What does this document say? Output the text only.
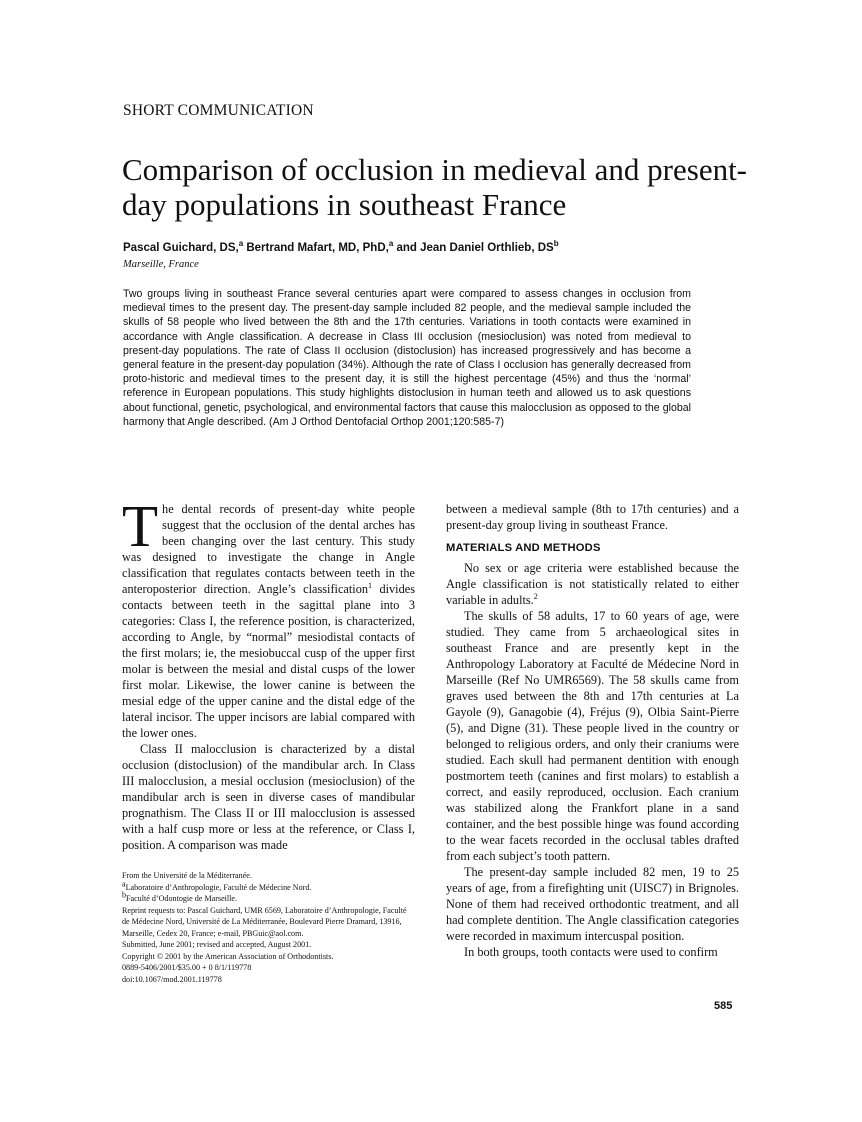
SHORT COMMUNICATION
Comparison of occlusion in medieval and present-day populations in southeast France
Pascal Guichard, DS,$^a$ Bertrand Mafart, MD, PhD,$^a$ and Jean Daniel Orthlieb, $DS^b$
Marseille, France
Two groups living in southeast France several centuries apart were compared to assess changes in occlusion from medieval times to the present day. The present-day sample included 82 people, and the medieval sample included the skulls of 58 people who lived between the 8th and the 17th centuries. Variations in tooth contacts were examined in accordance with Angle classification. A decrease in Class III occlusion (mesioclusion) was noted from medieval to present-day populations. The rate of Class II occlusion (distoclusion) has increased progressively and has become a general feature in the present-day population (34%). Although the rate of Class I occlusion has generally decreased from proto-historic and medieval times to the present day, it is still the highest percentage (45%) and thus the ‘normal’ reference in European populations. This study highlights distoclusion in human teeth and allowed us to ask questions about functional, genetic, psychological, and environmental factors that cause this malocclusion as opposed to the global harmony that Angle described. (Am J Orthod Dentofacial Orthop 2001;120:585-7)

The dental records of present-day white people suggest that the occlusion of the dental arches has been changing over the last century. This study was designed to investigate the change in Angle classification that regulates contacts between teeth in the anteroposterior direction. Angle’s classification$^1$ divides contacts between teeth in the sagittal plane into 3 categories: Class I, the reference position, is characterized, according to Angle, by “normal” mesiodistal contacts of the first molars; ie, the mesiobuccal cusp of the upper first molar is between the mesial and distal cusps of the lower first molar. Likewise, the lower canine is between the mesial edge of the upper canine and the distal edge of the lateral incisor. The upper incisors are labial compared with the lower ones.

Class II malocclusion is characterized by a distal occlusion (distoclusion) of the mandibular arch. In Class III malocclusion, a mesial occlusion (mesioclusion) of the mandibular arch is seen in diverse cases of mandibular prognathism. The Class II or III malocclusion is assessed with a half cusp more or less at the reference, or Class I, position. A comparison was made

From the Université de la Méditerranée.
$^a$Laboratoire d’Anthropologie, Faculté de Médecine Nord.
$^b$Faculté d’Odontogie de Marseille.
Reprint requests to: Pascal Guichard, UMR 6569, Laboratoire d’Anthropologie, Faculté de Médecine Nord, Université de La Méditerranée, Boulevard Pierre Dramard, 13916, Marseille, Cedex 20, France; e-mail, PBGuic@aol.com.
Submitted, June 2001; revised and accepted, August 2001.
Copyright © 2001 by the American Association of Orthodontists.
0889-5406/2001/$35.00 + 0 8/1/119778
doi:10.1067/mod.2001.119778

between a medieval sample (8th to 17th centuries) and a present-day group living in southeast France.

MATERIALS AND METHODS

No sex or age criteria were established because the Angle classification is not statistically related to either variable in adults.$^2$

The skulls of 58 adults, 17 to 60 years of age, were studied. They came from 5 archaeological sites in southeast France and are presently kept in the Anthropology Laboratory at Faculté de Médecine Nord in Marseille (Ref No UMR6569). The 58 skulls came from graves used between the 8th and 17th centuries at La Gayole (9), Ganagobie (4), Fréjus (9), Olbia Saint-Pierre (5), and Digne (31). These people lived in the country or belonged to religious orders, and only their craniums were studied. Each skull had permanent dentition with enough postmortem teeth (canines and first molars) to establish a correct, and easily reproduced, occlusion. Each cranium was stabilized along the Frankfort plane in a sand container, and the best possible hinge was found according to the wear facets recorded in the occlusal tables drafted from each subject’s tooth pattern.

The present-day sample included 82 men, 19 to 25 years of age, from a firefighting unit (UISC7) in Brignoles. None of them had received orthodontic treatment, and all had complete dentition. The Angle classification categories were recorded in maximum intercuspal position.

In both groups, tooth contacts were used to confirm

585
